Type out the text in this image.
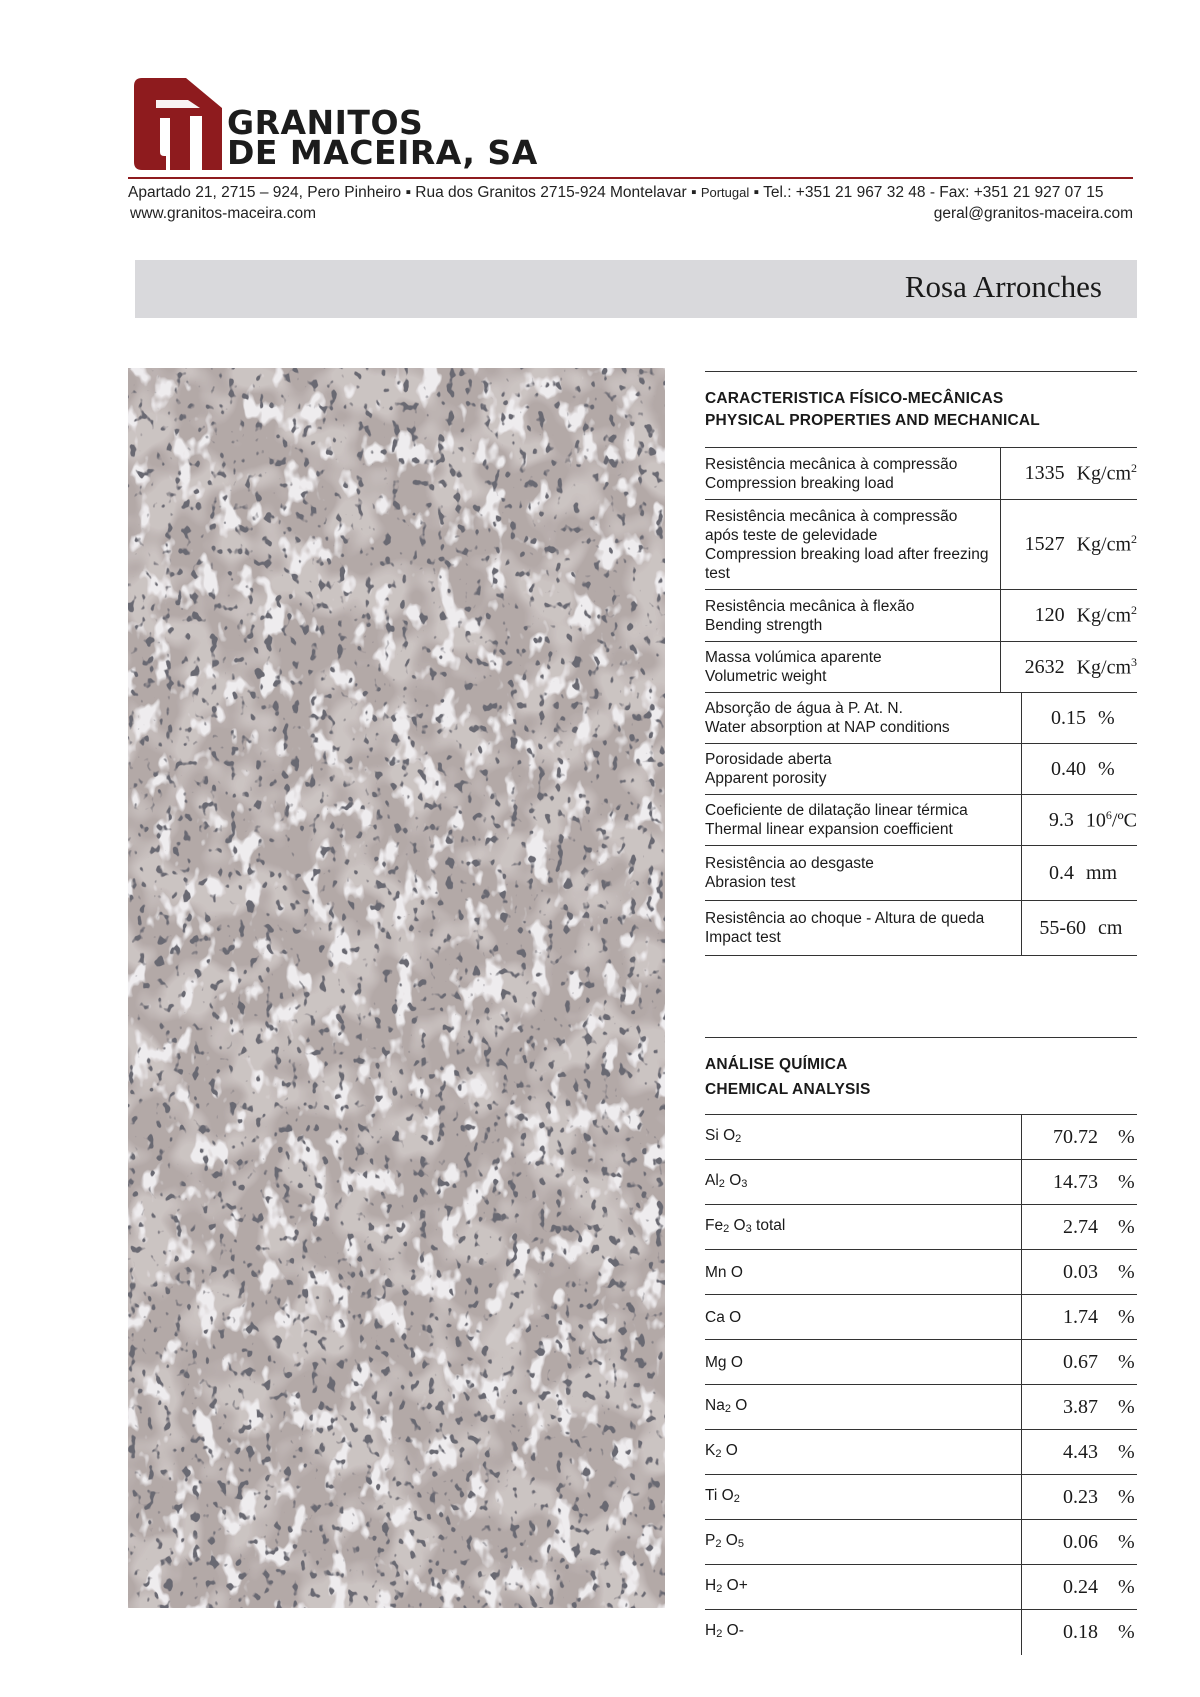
GRANITOS
DE MACEIRA, SA
Apartado 21, 2715 – 924, Pero Pinheiro ▪ Rua dos Granitos 2715-924 Montelavar ▪ Portugal ▪ Tel.: +351 21 967 32 48 - Fax: +351 21 927 07 15
www.granitos-maceira.com	geral@granitos-maceira.com
Rosa Arronches
CARACTERISTICA FÍSICO-MECÂNICAS
PHYSICAL PROPERTIES AND MECHANICAL
Resistência mecânica à compressão
Compression breaking load	1335 $Kg/cm^2$
Resistência mecânica à compressão após teste de gelevidade
Compression breaking load after freezing test
1527 $Kg/cm^2$
Resistência mecânica à flexão
Bending strength	120 $Kg/cm^2$
Massa volúmica aparente
Volumetric weight	2632 $Kg/cm^3$
Absorção de água à P. At. N.
Water absorption at NAP conditions	0.15 %
Porosidade aberta
Apparent porosity	0.40 %
Coeficiente de dilatação linear térmica
Thermal linear expansion coefficient	9.3 $10^6/ºC$
Resistência ao desgaste
Abrasion test	0.4 mm
Resistência ao choque - Altura de queda
Impact test	55-60 cm
ANÁLISE QUÍMICA
CHEMICAL ANALYSIS
Si $O_2$	70.72 %
$Al_2$ $O_3$	14.73 %
$Fe_2$ $O_3$ total	2.74 %
Mn O	0.03 %
Ca O	1.74 %
Mg O	0.67 %
$Na_2$ O	3.87 %
$K_2$ O	4.43 %
Ti $O_2$	0.23 %
$P_2$ $O_5$	0.06 %
$H_2$ O+	0.24 %
$H_2$ O-	0.18 %
